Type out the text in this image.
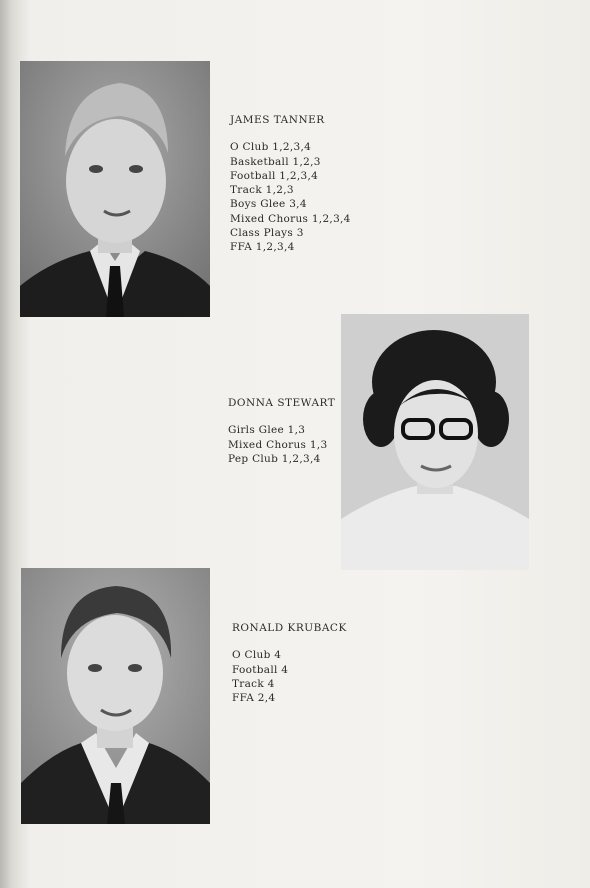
JAMES TANNER
O Club 1,2,3,4
Basketball 1,2,3
Football 1,2,3,4
Track 1,2,3
Boys Glee 3,4
Mixed Chorus 1,2,3,4
Class Plays 3
FFA 1,2,3,4
DONNA STEWART
Girls Glee 1,3
Mixed Chorus 1,3
Pep Club 1,2,3,4
RONALD KRUBACK
O Club 4
Football 4
Track 4
FFA 2,4
